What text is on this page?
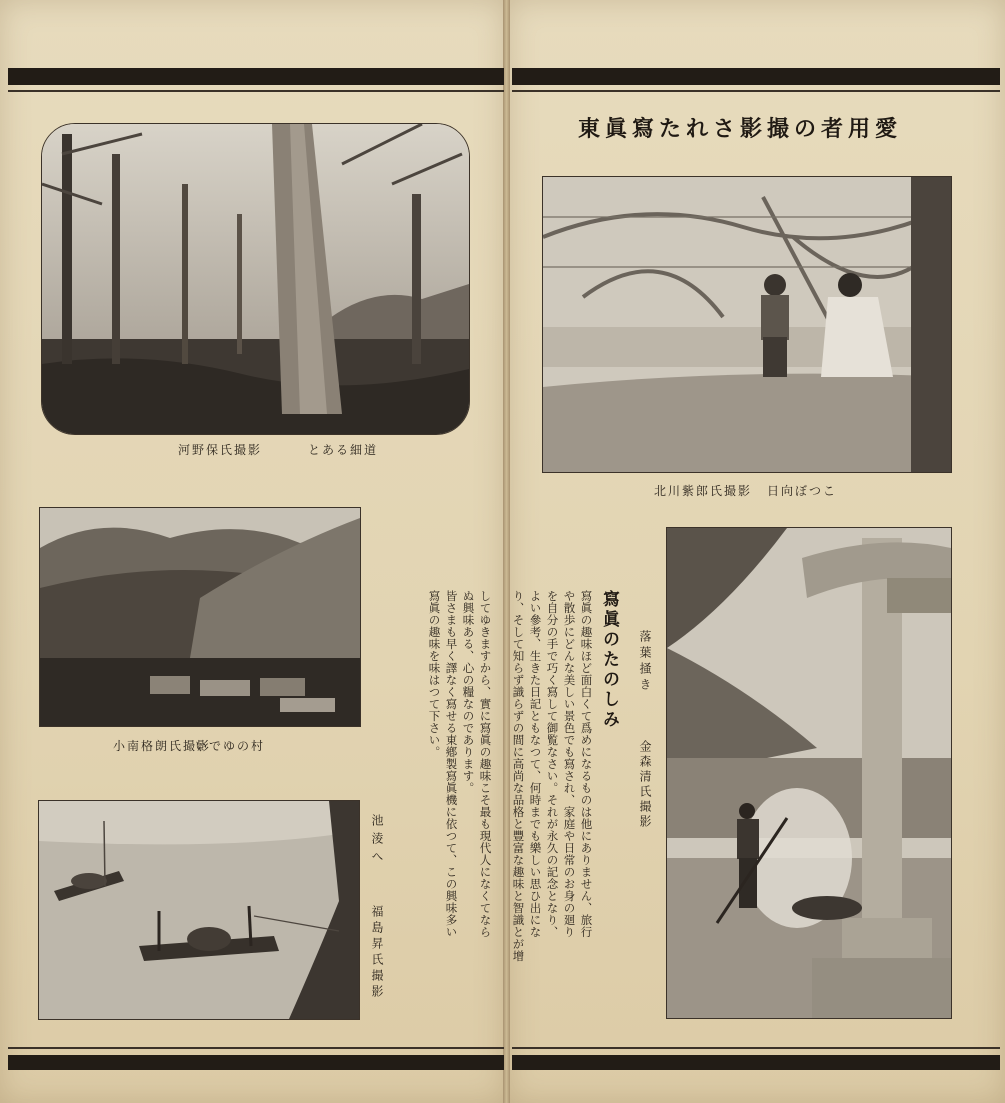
東眞寫たれさ影撮の者用愛
とある細道
河野保氏撮影
いでゆの村
小南格朗氏撮影
池淩へ
福島昇氏撮影
寫眞のたのしみ
寫眞の趣味ほど面白くて爲めになるものは他にありません、旅行
や散歩にどんな美しい景色でも寫され、家庭や日常のお身の廻り
を自分の手で巧く寫して御覧なさい。それが永久の記念となり、
よい參考、生きた日記ともなつて、何時までも樂しい思ひ出にな
り、そして知らず識らずの間に高尚な品格と豐富な趣味と智識とが增
してゆきますから、實に寫眞の趣味こそ最も現代人になくてなら
ぬ興味ある、心の糧なのであります。
皆さまも早く譯なく寫せる東鄕製寫眞機に依つて、この興味多い
寫眞の趣味を味はつて下さい。
日向ぼつこ
北川紫郎氏撮影
落葉掻き
金森清氏撮影
